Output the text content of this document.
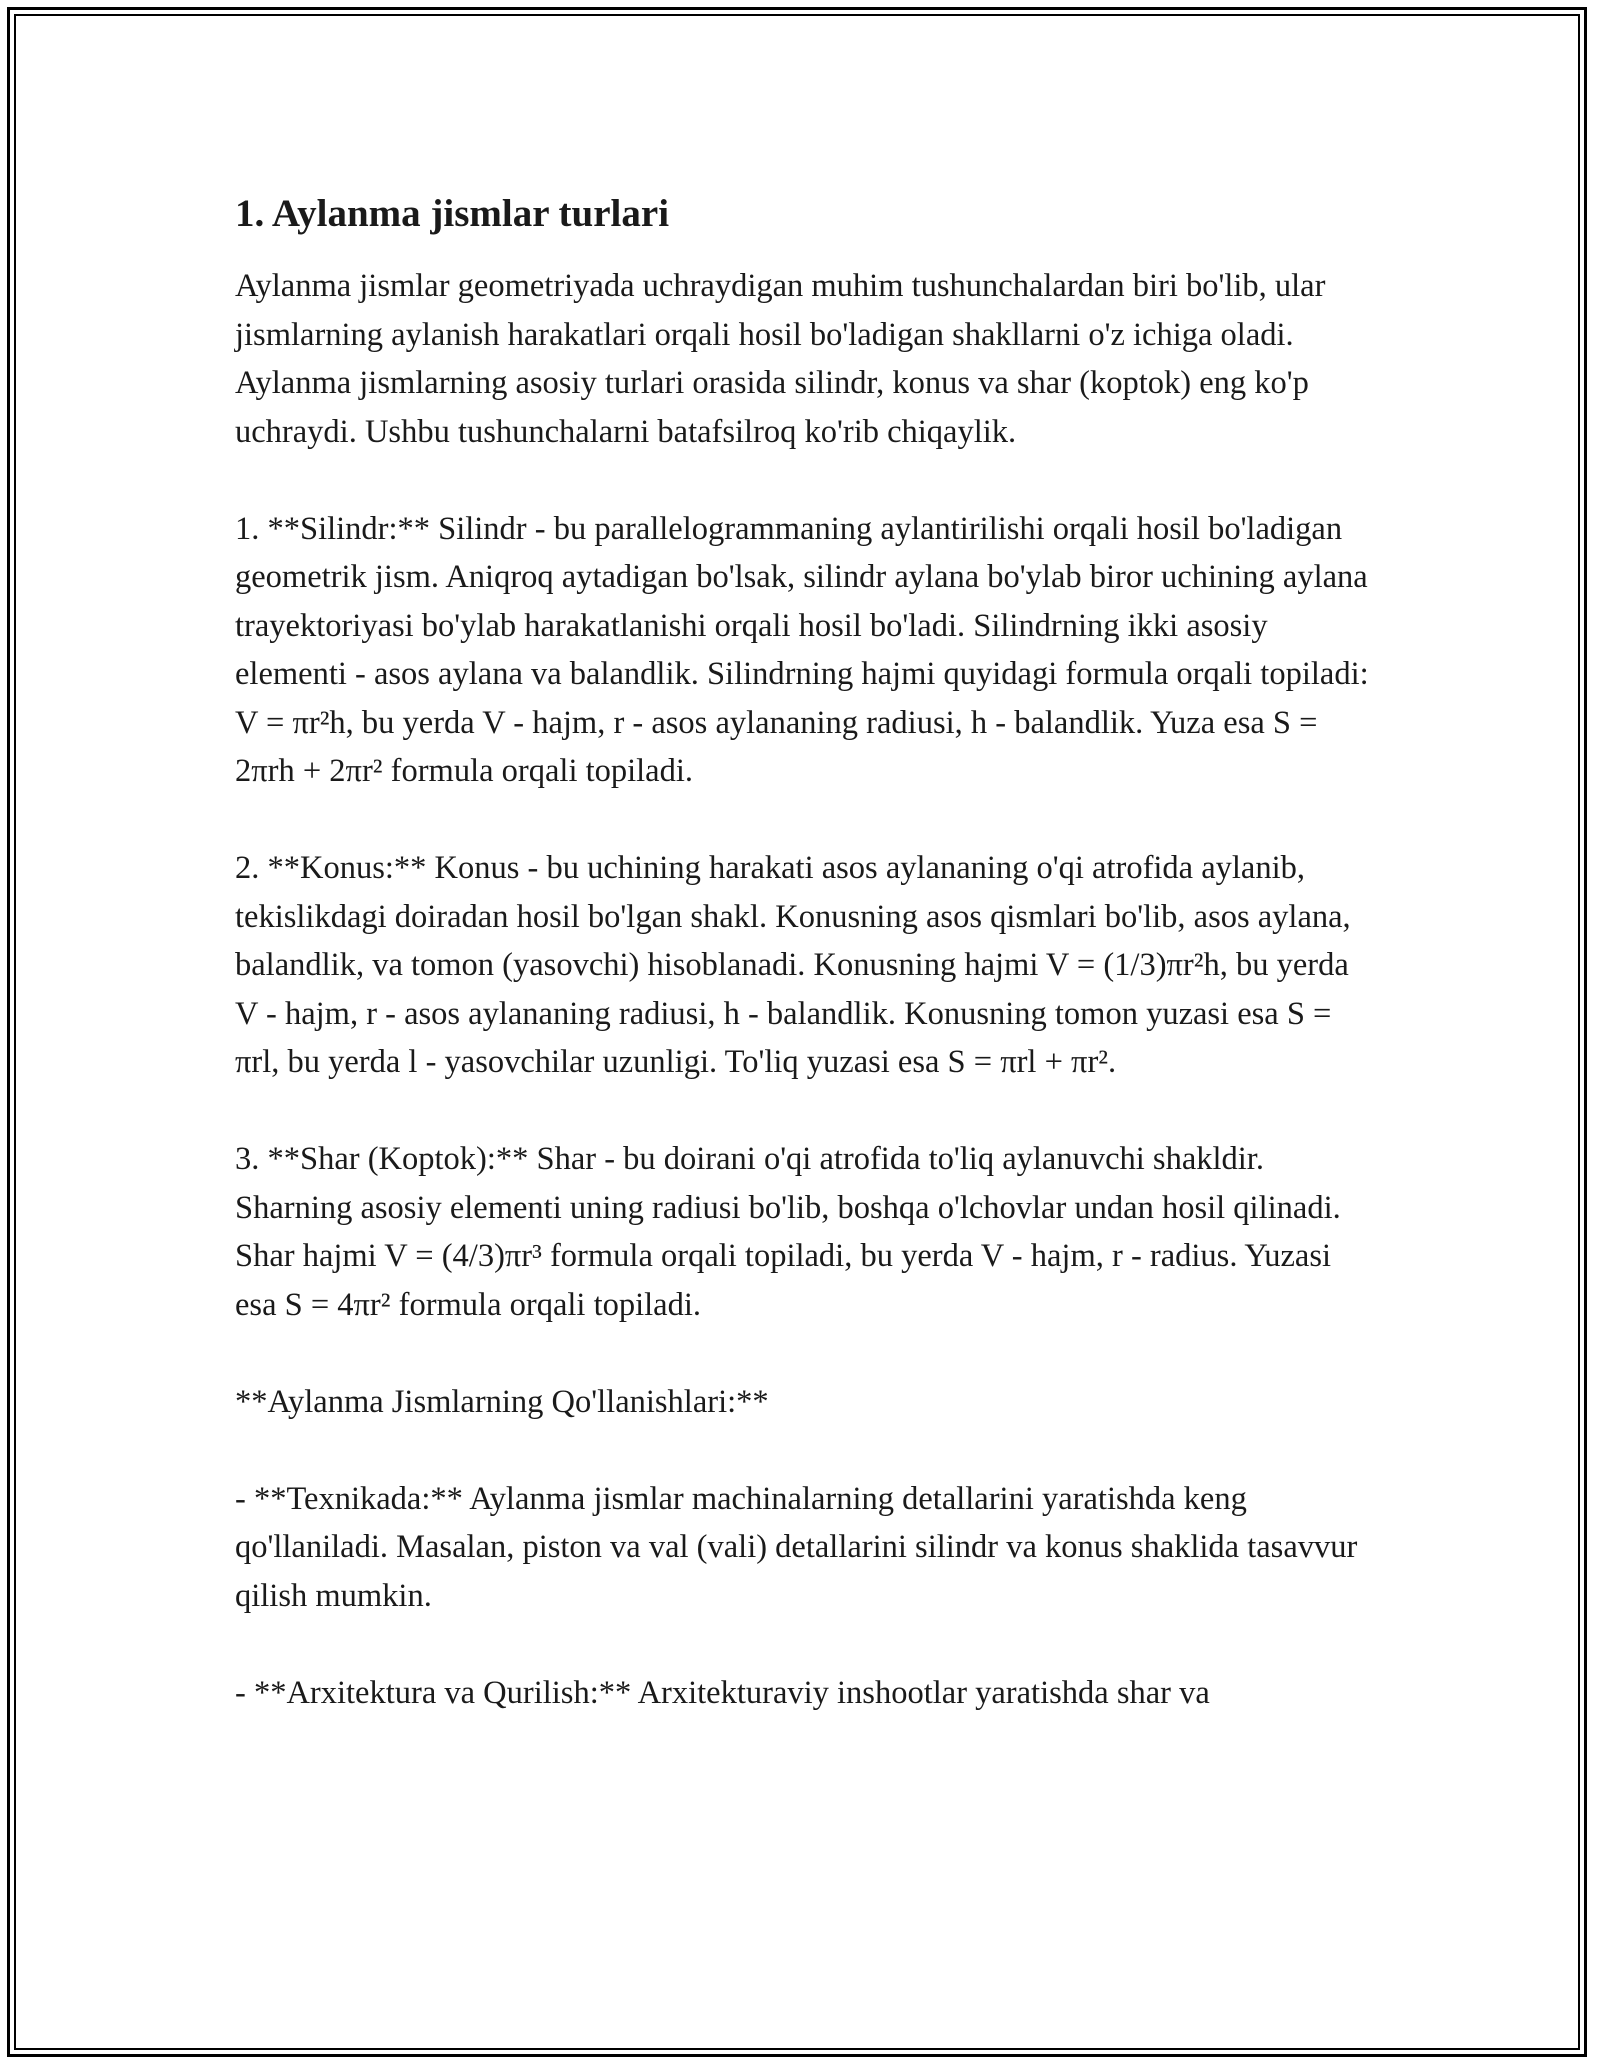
1. Aylanma jismlar turlari

Aylanma jismlar geometriyada uchraydigan muhim tushunchalardan biri bo'lib, ular jismlarning aylanish harakatlari orqali hosil bo'ladigan shakllarni o'z ichiga oladi. Aylanma jismlarning asosiy turlari orasida silindr, konus va shar (koptok) eng ko'p uchraydi. Ushbu tushunchalarni batafsilroq ko'rib chiqaylik.

1. **Silindr:** Silindr - bu parallelogrammaning aylantirilishi orqali hosil bo'ladigan geometrik jism. Aniqroq aytadigan bo'lsak, silindr aylana bo'ylab biror uchining aylana trayektoriyasi bo'ylab harakatlanishi orqali hosil bo'ladi. Silindrning ikki asosiy elementi - asos aylana va balandlik. Silindrning hajmi quyidagi formula orqali topiladi: V = πr²h, bu yerda V - hajm, r - asos aylananing radiusi, h - balandlik. Yuza esa S = 2πrh + 2πr² formula orqali topiladi.

2. **Konus:** Konus - bu uchining harakati asos aylananing o'qi atrofida aylanib, tekislikdagi doiradan hosil bo'lgan shakl. Konusning asos qismlari bo'lib, asos aylana, balandlik, va tomon (yasovchi) hisoblanadi. Konusning hajmi V = (1/3)πr²h, bu yerda V - hajm, r - asos aylananing radiusi, h - balandlik. Konusning tomon yuzasi esa S = πrl, bu yerda l - yasovchilar uzunligi. To'liq yuzasi esa S = πrl + πr².

3. **Shar (Koptok):** Shar - bu doirani o'qi atrofida to'liq aylanuvchi shakldir. Sharning asosiy elementi uning radiusi bo'lib, boshqa o'lchovlar undan hosil qilinadi. Shar hajmi V = (4/3)πr³ formula orqali topiladi, bu yerda V - hajm, r - radius. Yuzasi esa S = 4πr² formula orqali topiladi.

**Aylanma Jismlarning Qo'llanishlari:**

- **Texnikada:** Aylanma jismlar machinalarning detallarini yaratishda keng qo'llaniladi. Masalan, piston va val (vali) detallarini silindr va konus shaklida tasavvur qilish mumkin.

- **Arxitektura va Qurilish:** Arxitekturaviy inshootlar yaratishda shar va
